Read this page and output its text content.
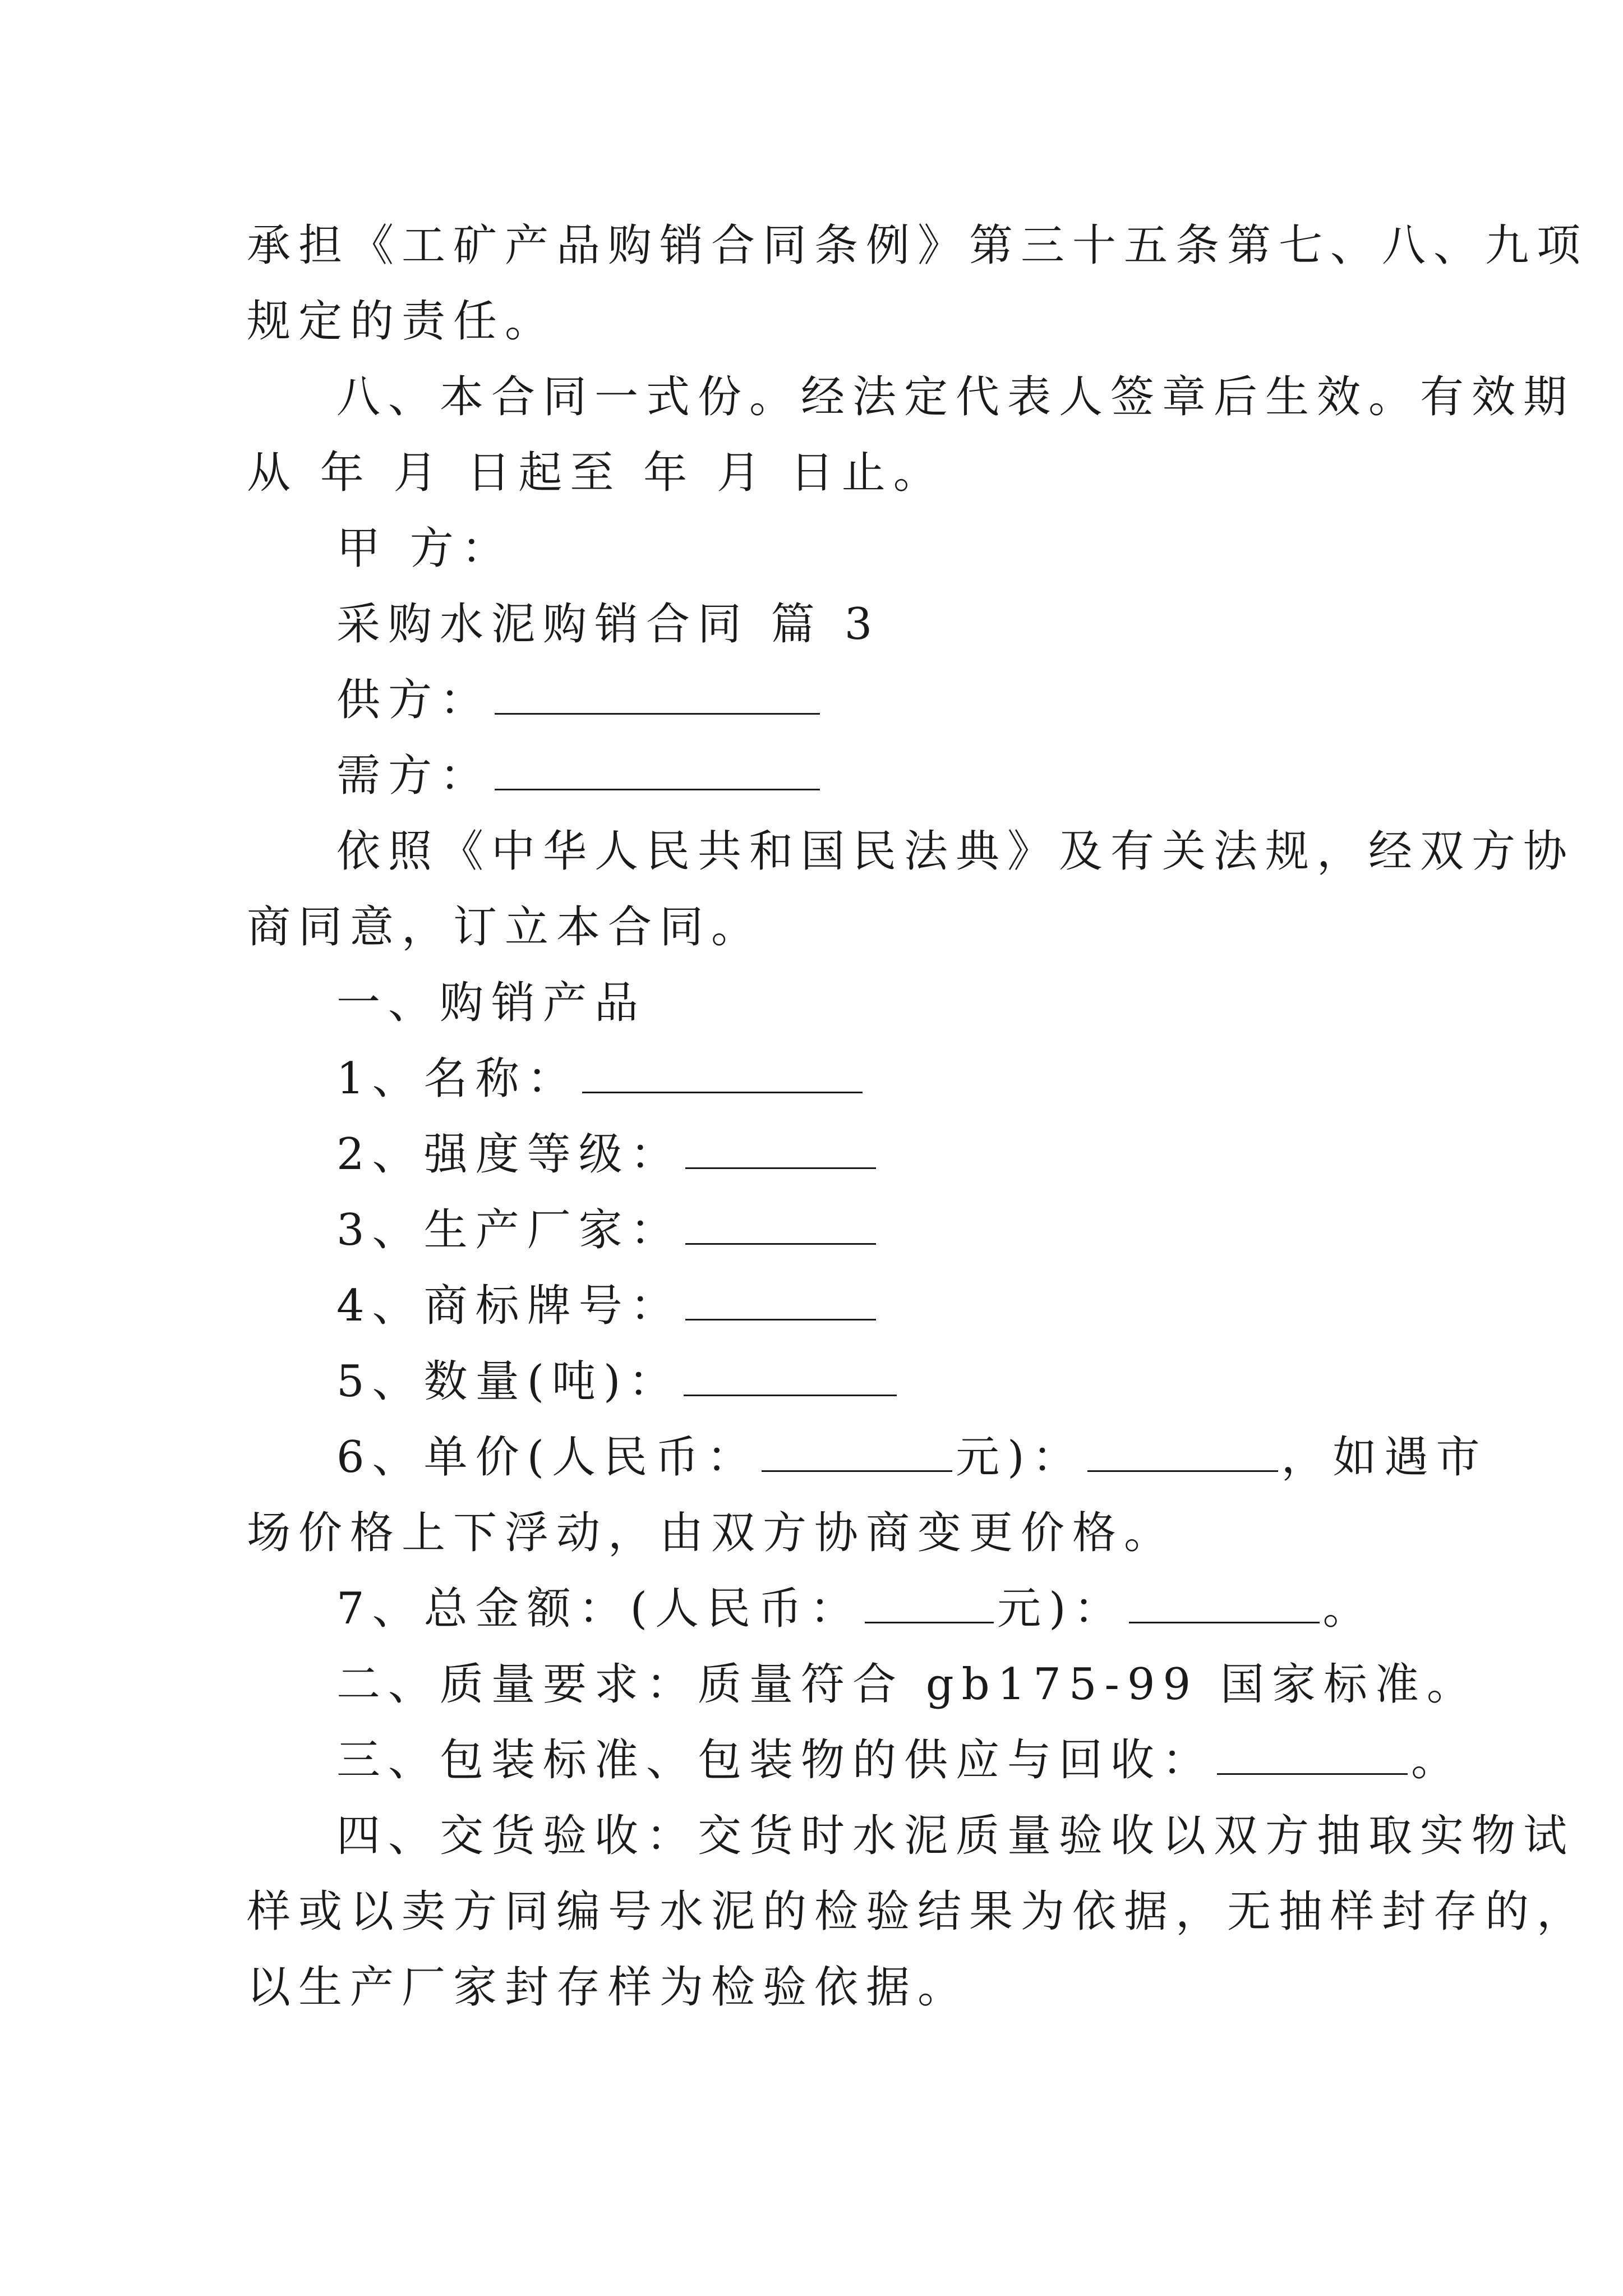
承担《工矿产品购销合同条例》第三十五条第七、八、九项
规定的责任。
八、本合同一式份。经法定代表人签章后生效。有效期
从 年 月 日起至 年 月 日止。
甲 方：
采购水泥购销合同 篇 3
供方：
需方：
依照《中华人民共和国民法典》及有关法规，经双方协
商同意，订立本合同。
一、购销产品
1、名称：
2、强度等级：
3、生产厂家：
4、商标牌号：
5、数量(吨)：
6、单价(人民币：	元)：	，如遇市
场价格上下浮动，由双方协商变更价格。
7、总金额：(人民币：	元)：	。
二、质量要求：质量符合 gb175-99 国家标准。
三、包装标准、包装物的供应与回收：	。
四、交货验收：交货时水泥质量验收以双方抽取实物试
样或以卖方同编号水泥的检验结果为依据，无抽样封存的，
以生产厂家封存样为检验依据。
